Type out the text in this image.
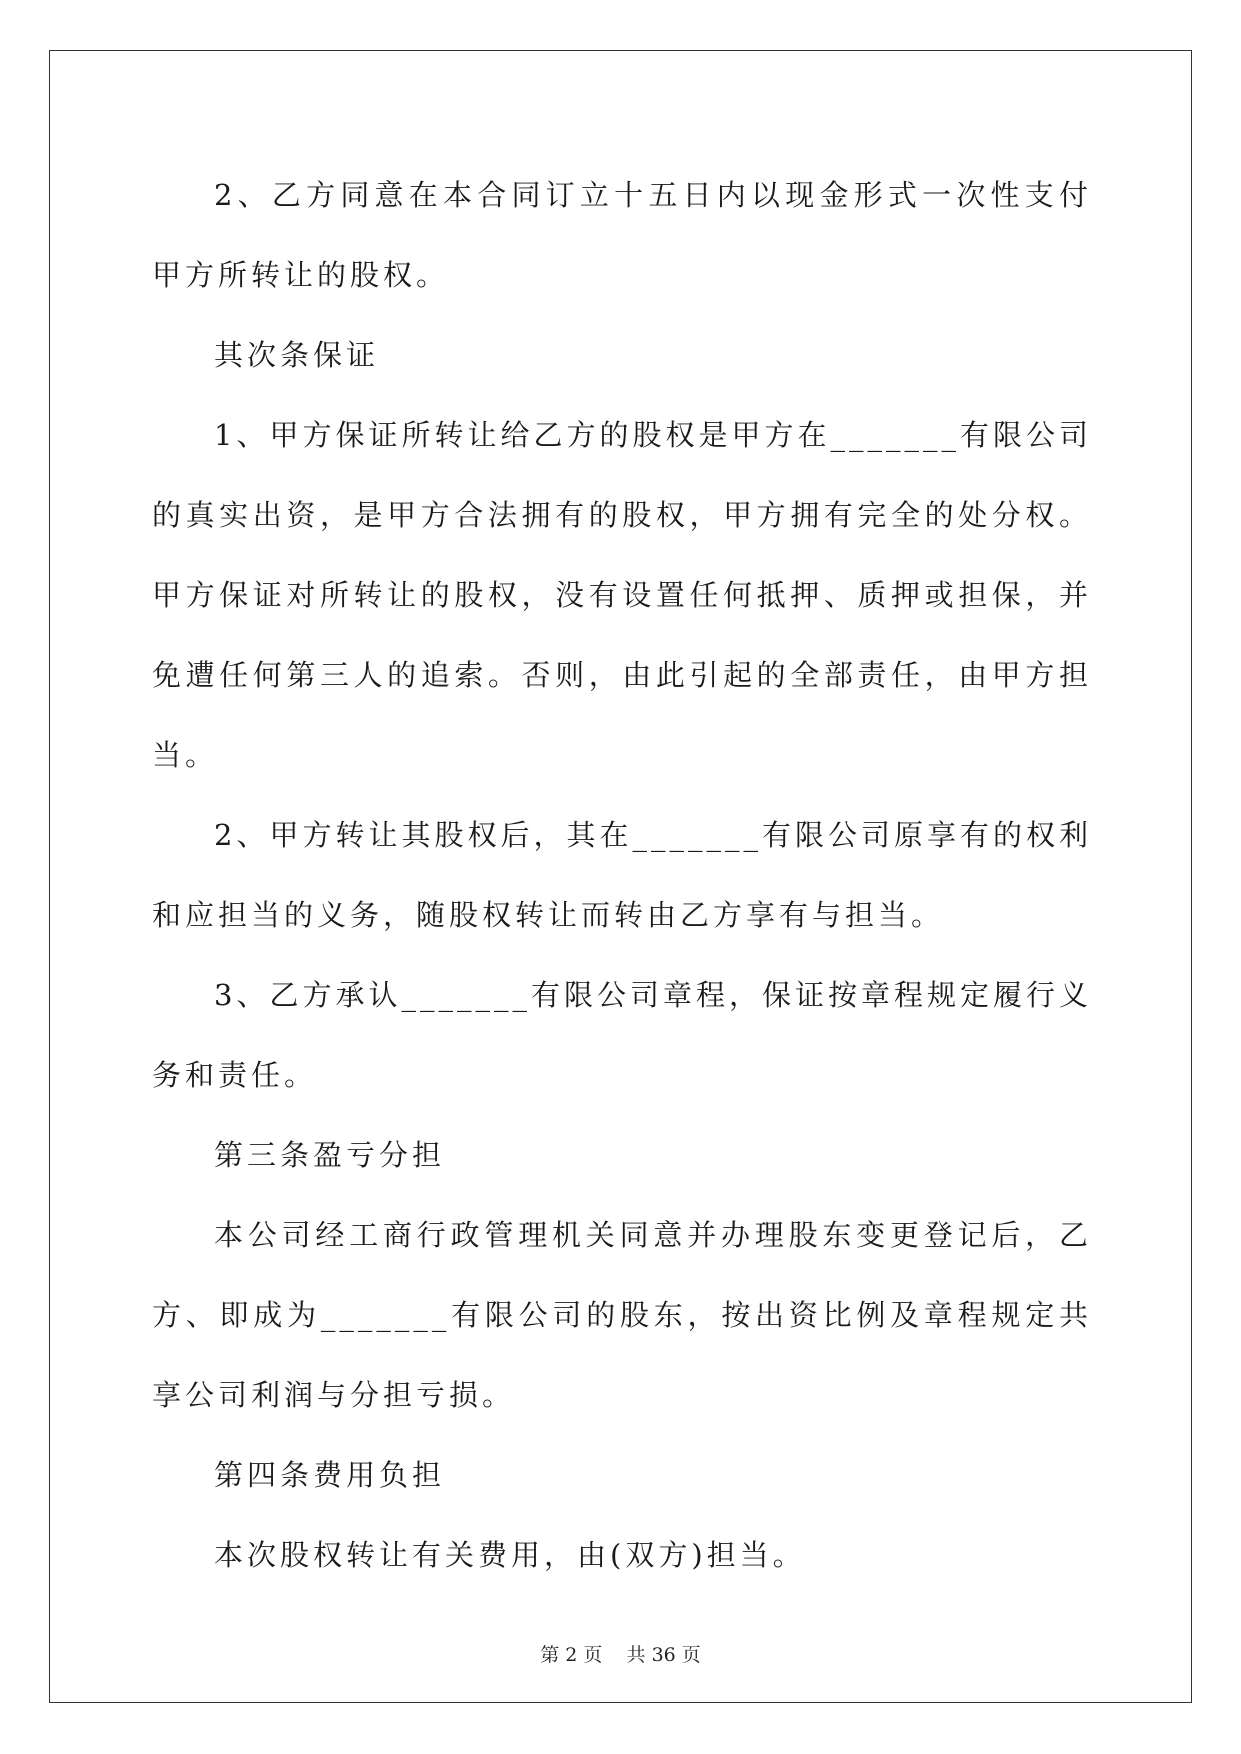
2、乙方同意在本合同订立十五日内以现金形式一次性支付甲方所转让的股权。

其次条保证

1、甲方保证所转让给乙方的股权是甲方在_______有限公司的真实出资，是甲方合法拥有的股权，甲方拥有完全的处分权。甲方保证对所转让的股权，没有设置任何抵押、质押或担保，并免遭任何第三人的追索。否则，由此引起的全部责任，由甲方担当。

2、甲方转让其股权后，其在_______有限公司原享有的权利和应担当的义务，随股权转让而转由乙方享有与担当。

3、乙方承认_______有限公司章程，保证按章程规定履行义务和责任。

第三条盈亏分担

本公司经工商行政管理机关同意并办理股东变更登记后，乙方、即成为_______有限公司的股东，按出资比例及章程规定共享公司利润与分担亏损。

第四条费用负担

本次股权转让有关费用，由(双方)担当。

第 2 页 共 36 页
